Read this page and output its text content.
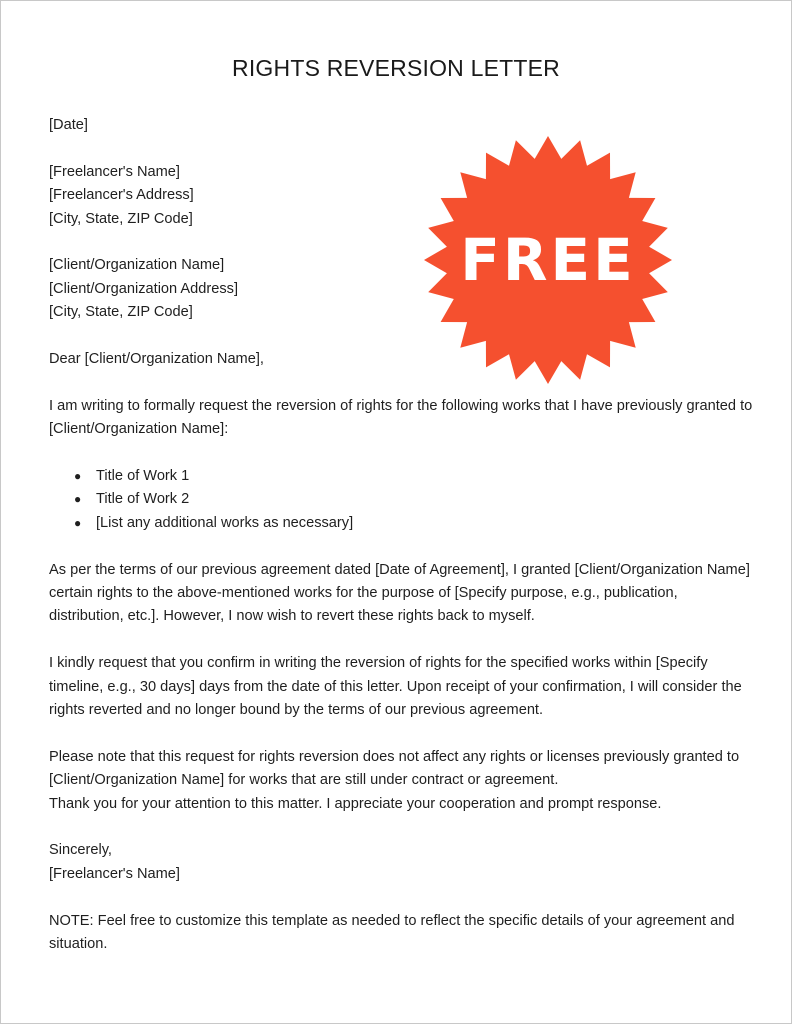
RIGHTS REVERSION LETTER

[Date]

[Freelancer's Name]

[Freelancer's Address]

[City, State, ZIP Code]

[Client/Organization Name]

[Client/Organization Address]

[City, State, ZIP Code]

Dear [Client/Organization Name],

I am writing to formally request the reversion of rights for the following works that I have previously granted to [Client/Organization Name]:

● Title of Work 1
● Title of Work 2
● [List any additional works as necessary]

As per the terms of our previous agreement dated [Date of Agreement], I granted [Client/Organization Name] certain rights to the above-mentioned works for the purpose of [Specify purpose, e.g., publication, distribution, etc.]. However, I now wish to revert these rights back to myself.

I kindly request that you confirm in writing the reversion of rights for the specified works within [Specify timeline, e.g., 30 days] days from the date of this letter. Upon receipt of your confirmation, I will consider the rights reverted and no longer bound by the terms of our previous agreement.

Please note that this request for rights reversion does not affect any rights or licenses previously granted to [Client/Organization Name] for works that are still under contract or agreement.

Thank you for your attention to this matter. I appreciate your cooperation and prompt response.

Sincerely,

[Freelancer's Name]

NOTE: Feel free to customize this template as needed to reflect the specific details of your agreement and situation.

FREE
